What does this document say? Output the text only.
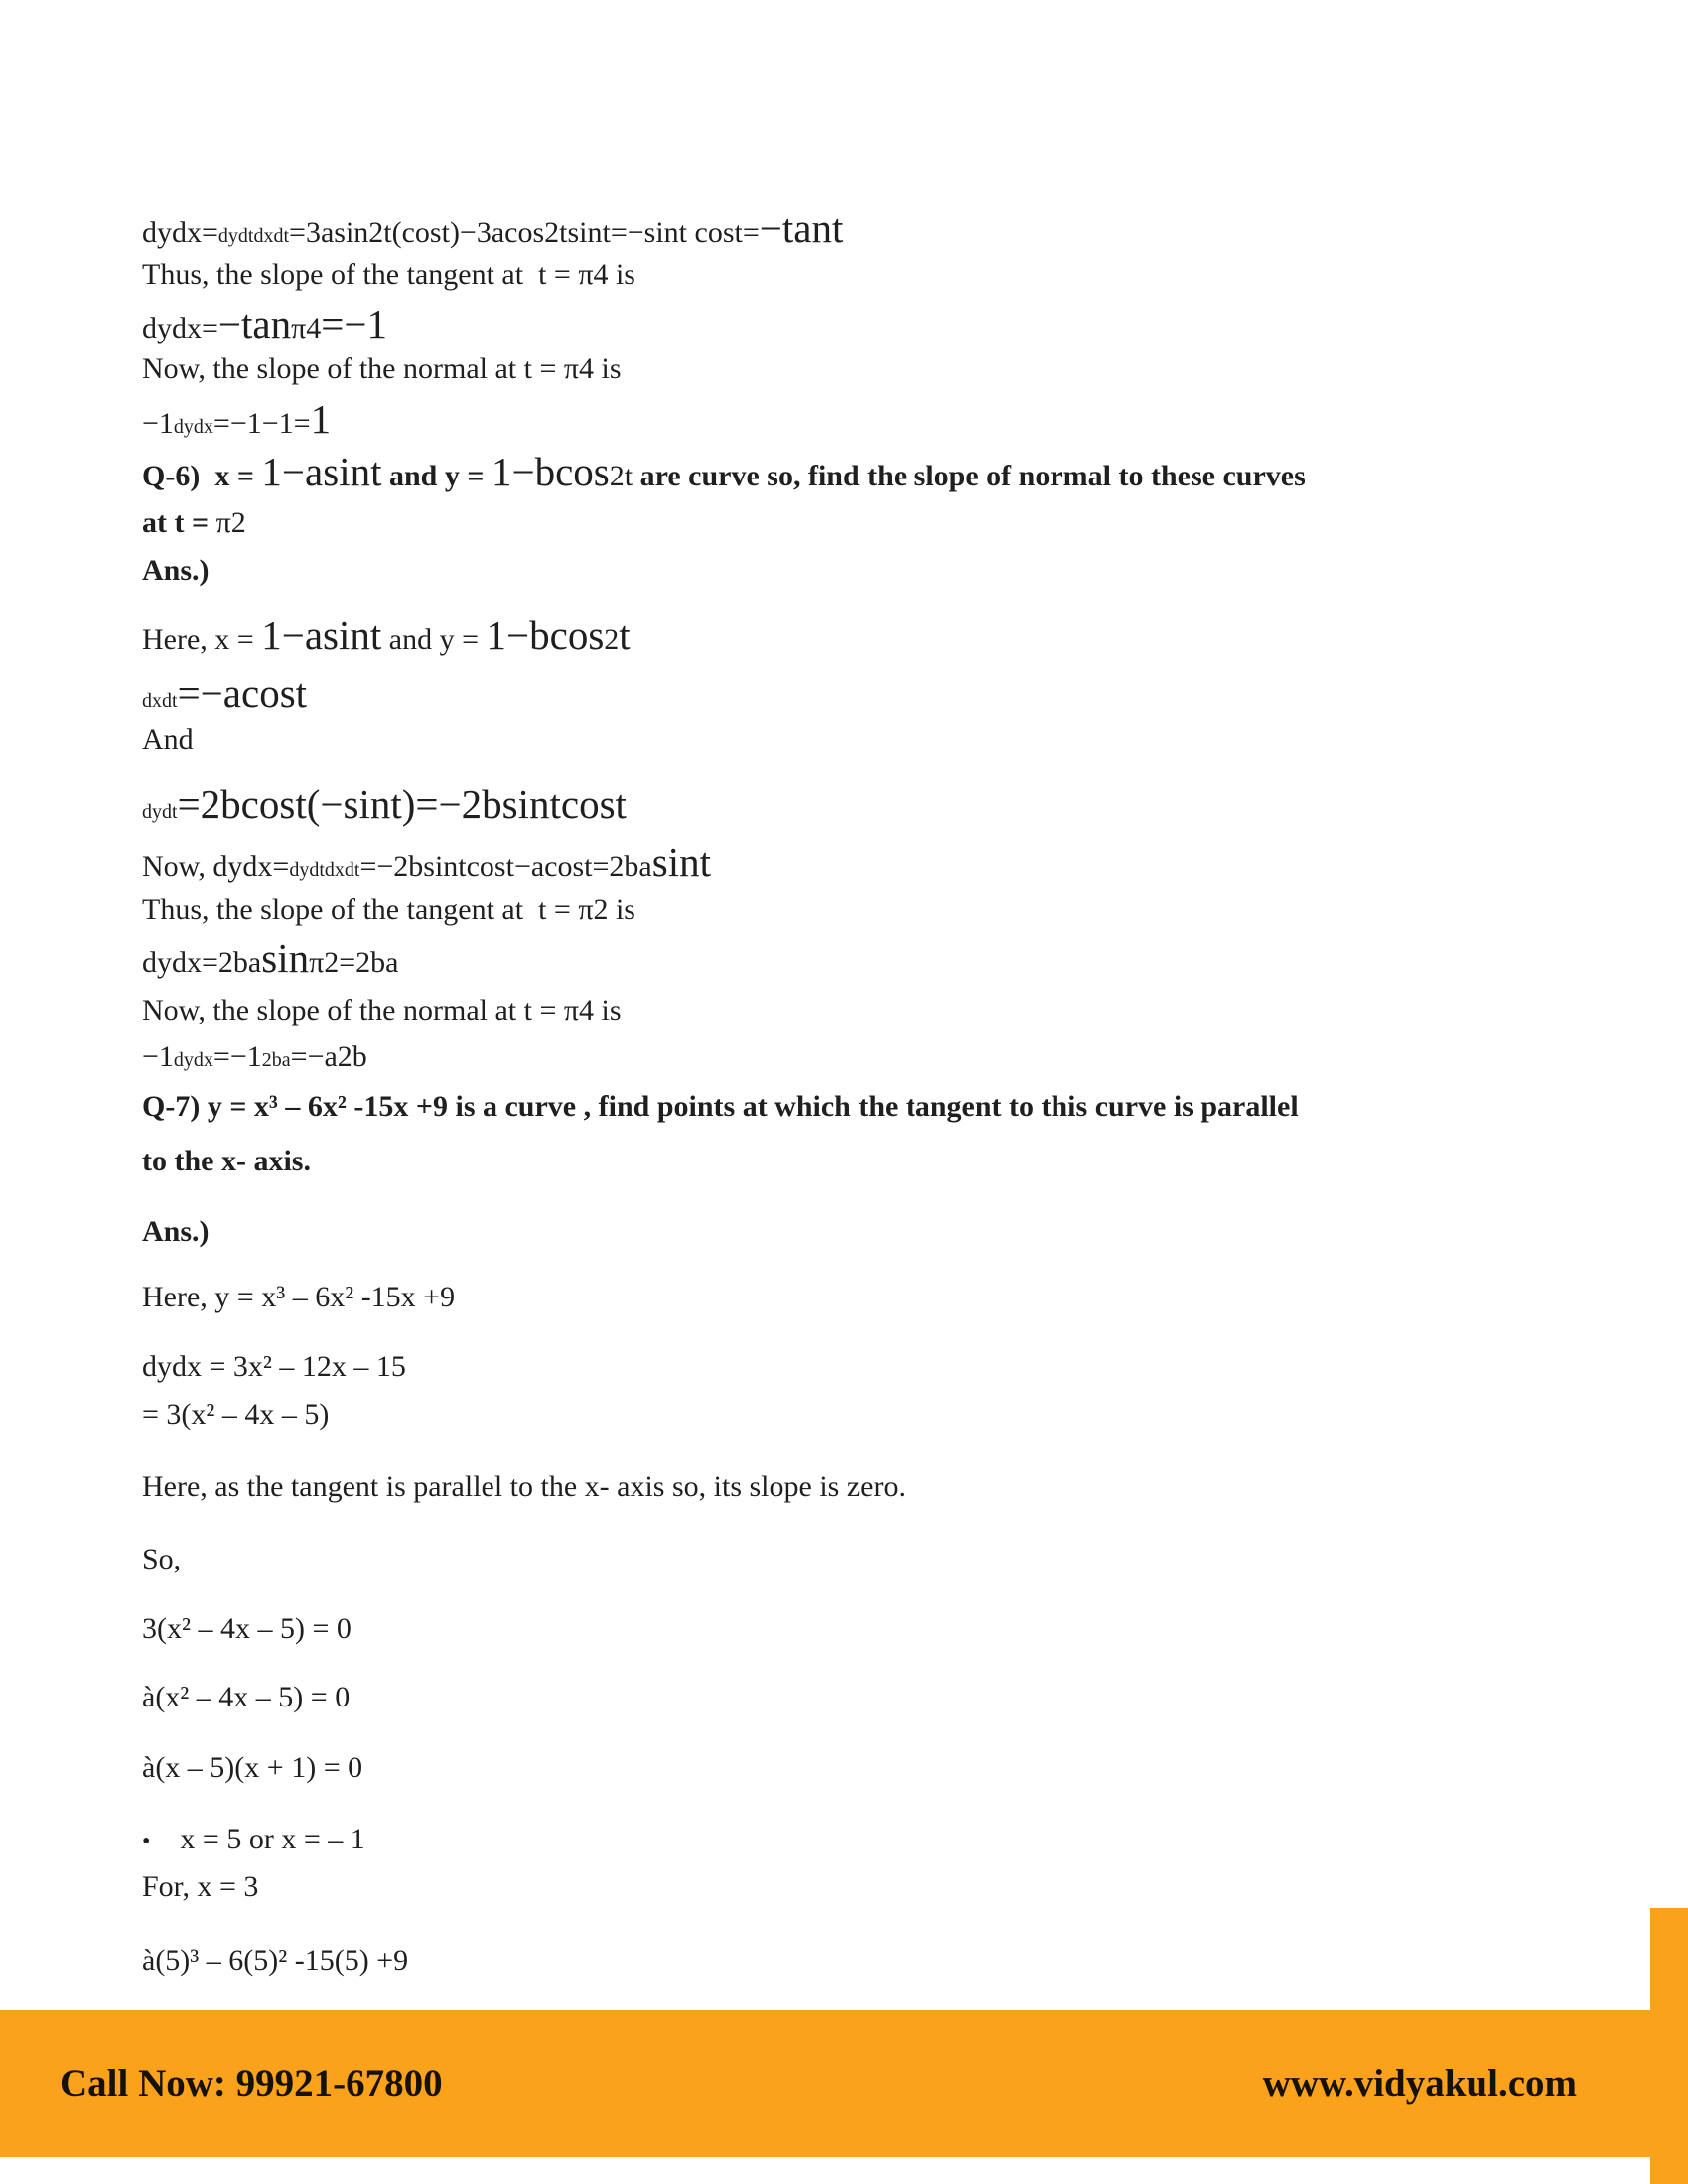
dydx=dydtdxdt=3asin2t(cost)−3acos2tsint=−sint cost=−tant
Thus, the slope of the tangent at  t = π4 is
dydx=−tanπ4=−1
Now, the slope of the normal at t = π4 is
−1dydx=−1−1=1
Q-6)  x = 1−asint and y = 1−bcos2t are curve so, find the slope of normal to these curves
at t = π2
Ans.)
Here, x = 1−asint and y = 1−bcos2t
dxdt=−acost
And
dydt=2bcost(−sint)=−2bsintcost
Now, dydx=dydtdxdt=−2bsintcost−acost=2basint
Thus, the slope of the tangent at  t = π2 is
dydx=2basinπ2=2ba
Now, the slope of the normal at t = π4 is
−1dydx=−12ba=−a2b
Q-7) y = x³ – 6x² -15x +9 is a curve , find points at which the tangent to this curve is parallel
to the x- axis.
Ans.)
Here, y = x³ – 6x² -15x +9
dydx = 3x² – 12x – 15
= 3(x² – 4x – 5)
Here, as the tangent is parallel to the x- axis so, its slope is zero.
So,
3(x² – 4x – 5) = 0
à(x² – 4x – 5) = 0
à(x – 5)(x + 1) = 0
• x = 5 or x = – 1
For, x = 3
à(5)³ – 6(5)² -15(5) +9
Call Now: 99921-67800	www.vidyakul.com
